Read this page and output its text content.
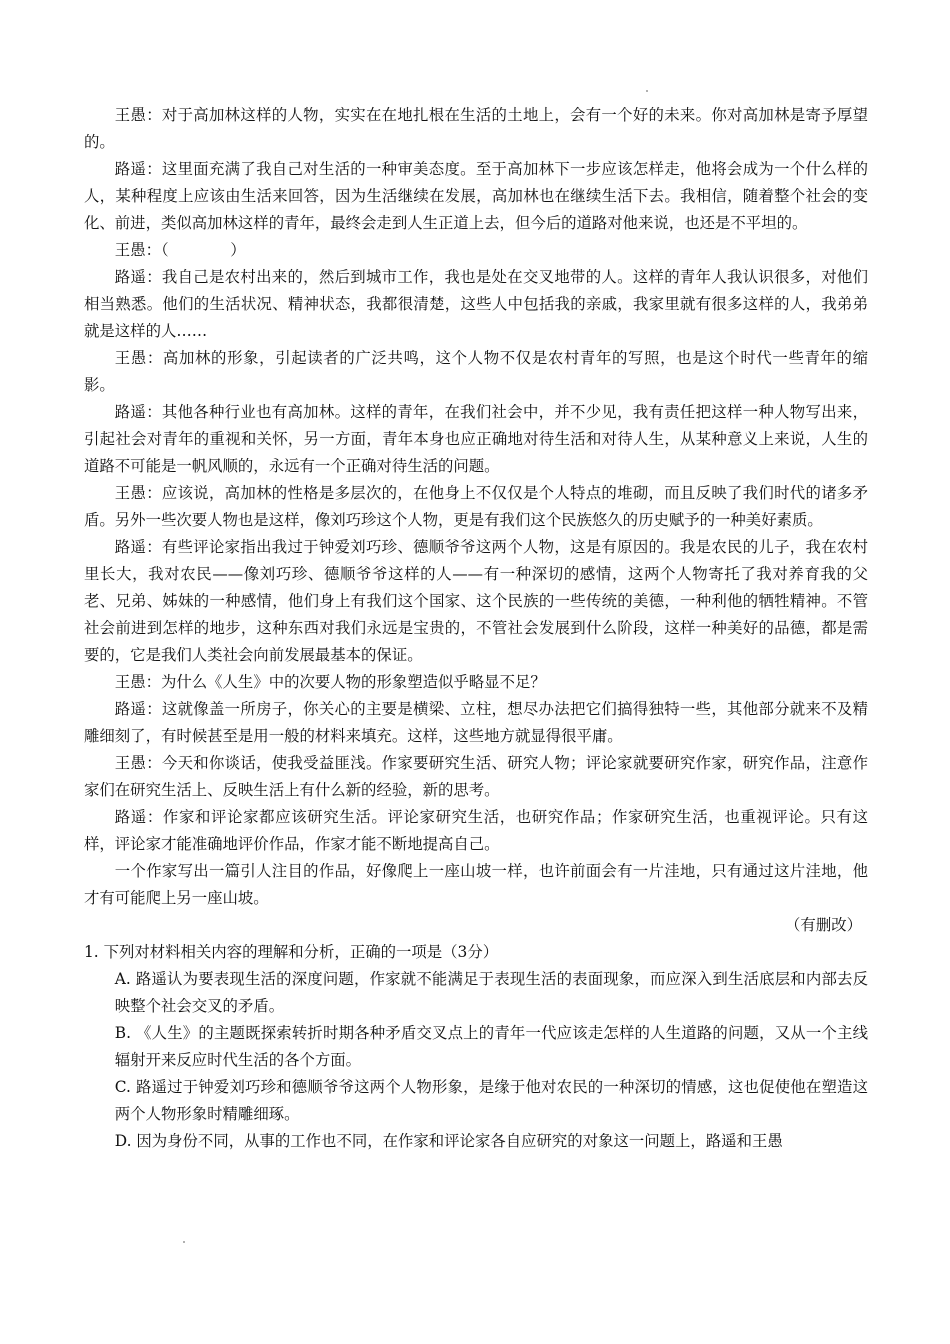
王愚：对于高加林这样的人物，实实在在地扎根在生活的土地上，会有一个好的未来。你对高加林是寄予厚望的。

路遥：这里面充满了我自己对生活的一种审美态度。至于高加林下一步应该怎样走，他将会成为一个什么样的人，某种程度上应该由生活来回答，因为生活继续在发展，高加林也在继续生活下去。我相信，随着整个社会的变化、前进，类似高加林这样的青年，最终会走到人生正道上去，但今后的道路对他来说，也还是不平坦的。

王愚：（　　　　）

路遥：我自己是农村出来的，然后到城市工作，我也是处在交叉地带的人。这样的青年人我认识很多，对他们相当熟悉。他们的生活状况、精神状态，我都很清楚，这些人中包括我的亲戚，我家里就有很多这样的人，我弟弟就是这样的人……

王愚：高加林的形象，引起读者的广泛共鸣，这个人物不仅是农村青年的写照，也是这个时代一些青年的缩影。

路遥：其他各种行业也有高加林。这样的青年，在我们社会中，并不少见，我有责任把这样一种人物写出来，引起社会对青年的重视和关怀，另一方面，青年本身也应正确地对待生活和对待人生，从某种意义上来说，人生的道路不可能是一帆风顺的，永远有一个正确对待生活的问题。

王愚：应该说，高加林的性格是多层次的，在他身上不仅仅是个人特点的堆砌，而且反映了我们时代的诸多矛盾。另外一些次要人物也是这样，像刘巧珍这个人物，更是有我们这个民族悠久的历史赋予的一种美好素质。

路遥：有些评论家指出我过于钟爱刘巧珍、德顺爷爷这两个人物，这是有原因的。我是农民的儿子，我在农村里长大，我对农民——像刘巧珍、德顺爷爷这样的人——有一种深切的感情，这两个人物寄托了我对养育我的父老、兄弟、姊妹的一种感情，他们身上有我们这个国家、这个民族的一些传统的美德，一种利他的牺牲精神。不管社会前进到怎样的地步，这种东西对我们永远是宝贵的，不管社会发展到什么阶段，这样一种美好的品德，都是需要的，它是我们人类社会向前发展最基本的保证。

王愚：为什么《人生》中的次要人物的形象塑造似乎略显不足？

路遥：这就像盖一所房子，你关心的主要是横梁、立柱，想尽办法把它们搞得独特一些，其他部分就来不及精雕细刻了，有时候甚至是用一般的材料来填充。这样，这些地方就显得很平庸。

王愚：今天和你谈话，使我受益匪浅。作家要研究生活、研究人物；评论家就要研究作家，研究作品，注意作家们在研究生活上、反映生活上有什么新的经验，新的思考。

路遥：作家和评论家都应该研究生活。评论家研究生活，也研究作品；作家研究生活，也重视评论。只有这样，评论家才能准确地评价作品，作家才能不断地提高自己。

一个作家写出一篇引人注目的作品，好像爬上一座山坡一样，也许前面会有一片洼地，只有通过这片洼地，他才有可能爬上另一座山坡。

（有删改）

1. 下列对材料相关内容的理解和分析，正确的一项是（3分）

A. 路遥认为要表现生活的深度问题，作家就不能满足于表现生活的表面现象，而应深入到生活底层和内部去反映整个社会交叉的矛盾。

B. 《人生》的主题既探索转折时期各种矛盾交叉点上的青年一代应该走怎样的人生道路的问题，又从一个主线辐射开来反应时代生活的各个方面。

C. 路遥过于钟爱刘巧珍和德顺爷爷这两个人物形象，是缘于他对农民的一种深切的情感，这也促使他在塑造这两个人物形象时精雕细琢。

D. 因为身份不同，从事的工作也不同，在作家和评论家各自应研究的对象这一问题上，路遥和王愚
